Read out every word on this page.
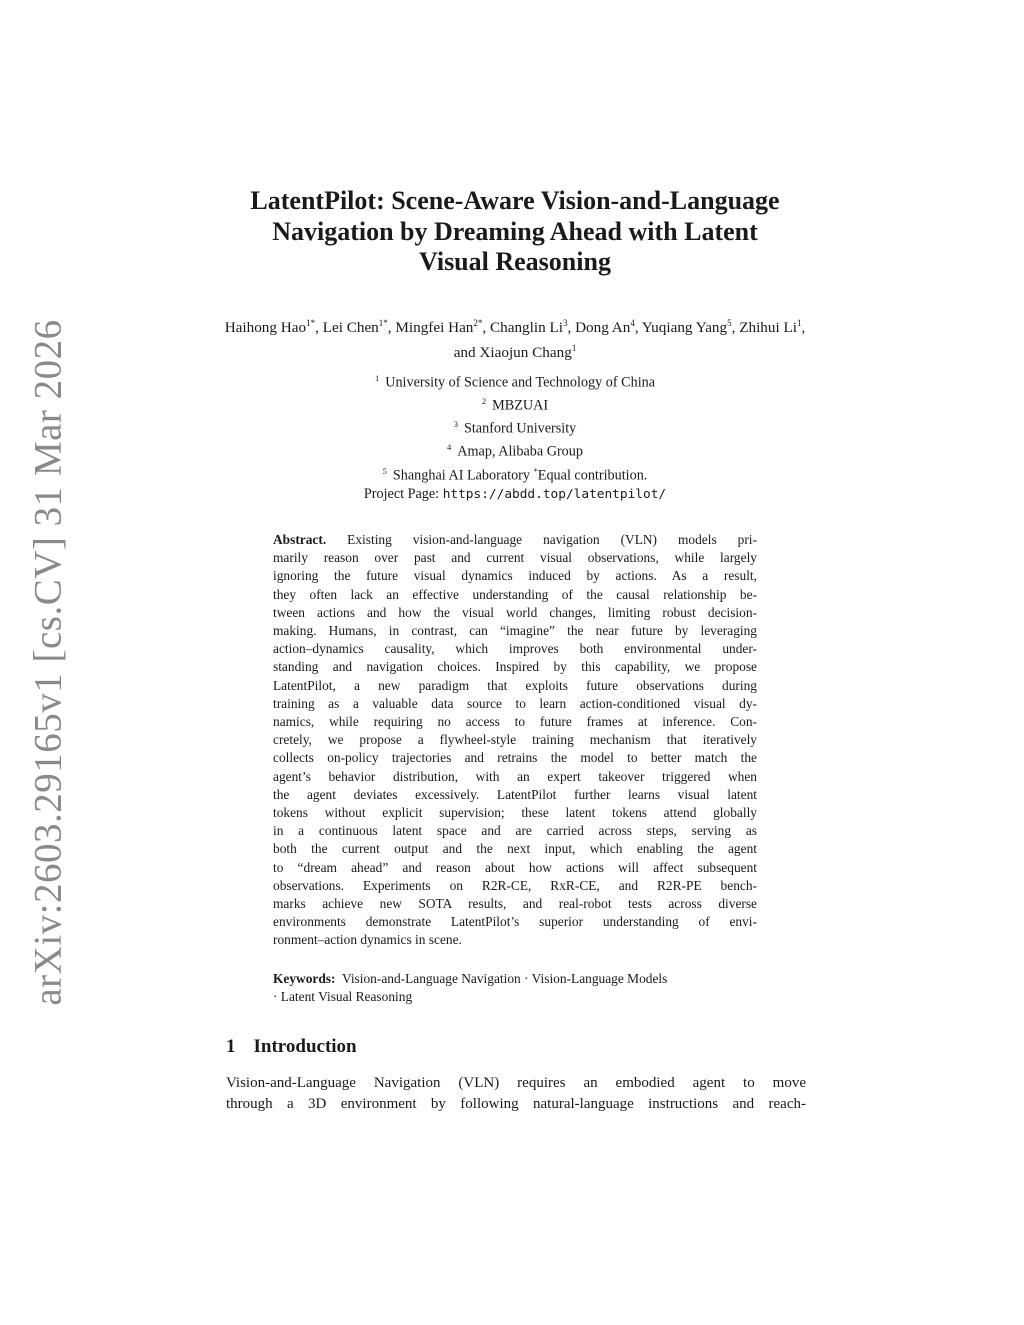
arXiv:2603.29165v1 [cs.CV] 31 Mar 2026
LatentPilot: Scene-Aware Vision-and-Language
Navigation by Dreaming Ahead with Latent
Visual Reasoning
Haihong Hao$^{1*}$, Lei Chen$^{1*}$, Mingfei Han$^{2*}$, Changlin Li$^3$, Dong An$^4$, Yuqiang Yang$^5$, Zhihui Li$^1$, and Xiaojun Chang$^1$
$^1$ University of Science and Technology of China
$^2$ MBZUAI
$^3$ Stanford University
$^4$ Amap, Alibaba Group
$^5$ Shanghai AI Laboratory *Equal contribution.
Project Page: https://abdd.top/latentpilot/
Abstract. Existing vision-and-language navigation (VLN) models pri-
marily reason over past and current visual observations, while largely
ignoring the future visual dynamics induced by actions. As a result,
they often lack an effective understanding of the causal relationship be-
tween actions and how the visual world changes, limiting robust decision-
making. Humans, in contrast, can “imagine” the near future by leveraging
action–dynamics causality, which improves both environmental under-
standing and navigation choices. Inspired by this capability, we propose
LatentPilot, a new paradigm that exploits future observations during
training as a valuable data source to learn action-conditioned visual dy-
namics, while requiring no access to future frames at inference. Con-
cretely, we propose a flywheel-style training mechanism that iteratively
collects on-policy trajectories and retrains the model to better match the
agent’s behavior distribution, with an expert takeover triggered when
the agent deviates excessively. LatentPilot further learns visual latent
tokens without explicit supervision; these latent tokens attend globally
in a continuous latent space and are carried across steps, serving as
both the current output and the next input, which enabling the agent
to “dream ahead” and reason about how actions will affect subsequent
observations. Experiments on R2R-CE, RxR-CE, and R2R-PE bench-
marks achieve new SOTA results, and real-robot tests across diverse
environments demonstrate LatentPilot’s superior understanding of envi-
ronment–action dynamics in scene.
Keywords: Vision-and-Language Navigation · Vision-Language Models
· Latent Visual Reasoning
1 Introduction
Vision-and-Language Navigation (VLN) requires an embodied agent to move
through a 3D environment by following natural-language instructions and reach-
